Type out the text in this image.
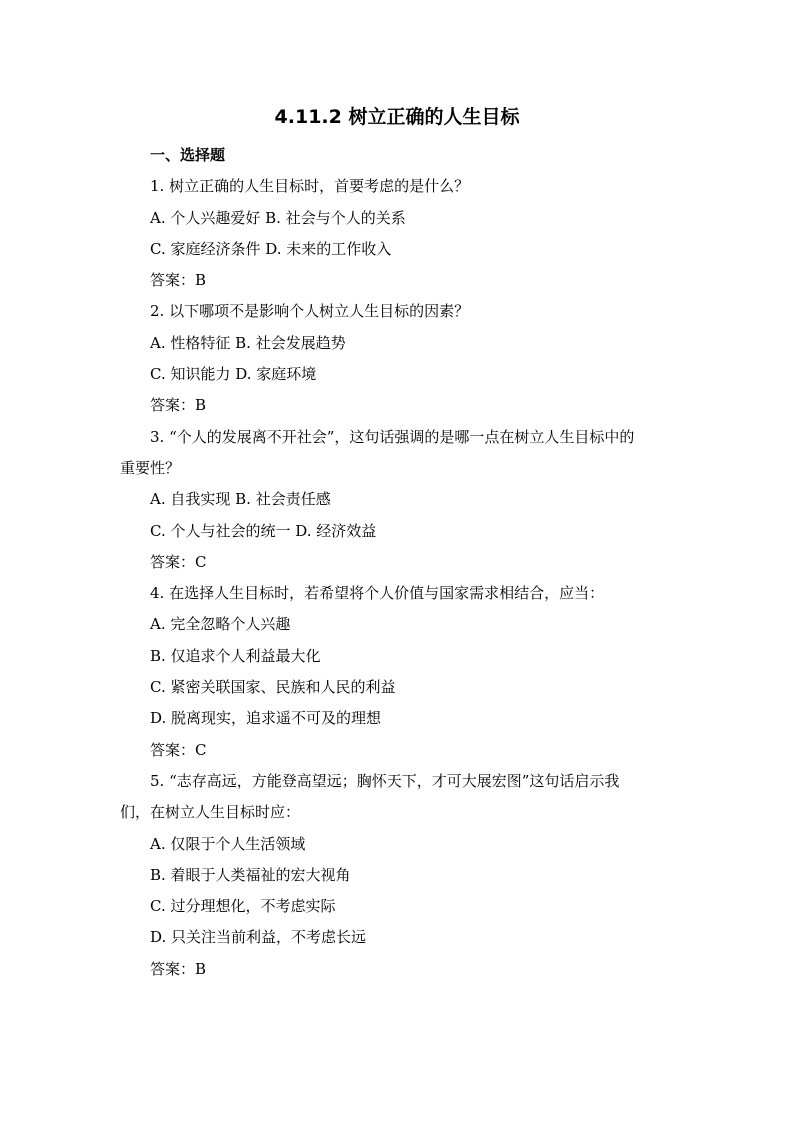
4.11.2 树立正确的人生目标
一、选择题
1. 树立正确的人生目标时，首要考虑的是什么？
A. 个人兴趣爱好 B. 社会与个人的关系
C. 家庭经济条件 D. 未来的工作收入
答案：B
2. 以下哪项不是影响个人树立人生目标的因素？
A. 性格特征 B. 社会发展趋势
C. 知识能力 D. 家庭环境
答案：B
3. “个人的发展离不开社会”，这句话强调的是哪一点在树立人生目标中的
重要性？
A. 自我实现 B. 社会责任感
C. 个人与社会的统一 D. 经济效益
答案：C
4. 在选择人生目标时，若希望将个人价值与国家需求相结合，应当：
A. 完全忽略个人兴趣
B. 仅追求个人利益最大化
C. 紧密关联国家、民族和人民的利益
D. 脱离现实，追求遥不可及的理想
答案：C
5. “志存高远，方能登高望远；胸怀天下，才可大展宏图”这句话启示我
们，在树立人生目标时应：
A. 仅限于个人生活领域
B. 着眼于人类福祉的宏大视角
C. 过分理想化，不考虑实际
D. 只关注当前利益，不考虑长远
答案：B
